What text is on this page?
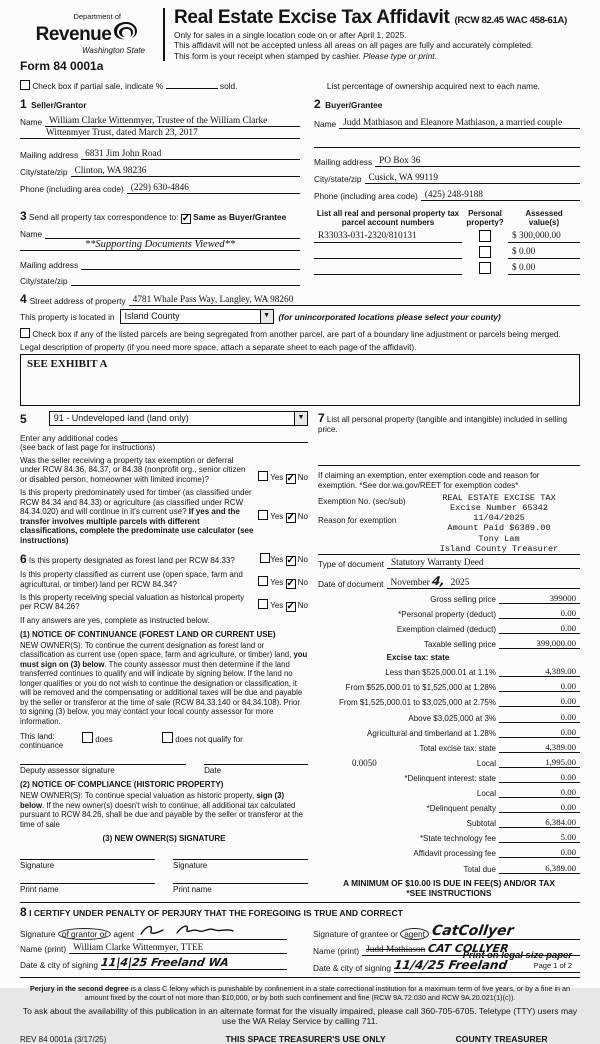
Department of
Revenue
Washington State
Form 84 0001a
Real Estate Excise Tax Affidavit (RCW 82.45 WAC 458-61A)
Only for sales in a single location code on or after April 1, 2025.
This affidavit will not be accepted unless all areas on all pages are fully and accurately completed.
This form is your receipt when stamped by cashier. Please type or print.
Check box if partial sale, indicate %	sold.	List percentage of ownership acquired next to each name.
1 Seller/Grantor
Name William Clarke Wittenmyer, Trustee of the William Clarke
Wittenmyer Trust, dated March 23, 2017
Mailing address 6831 Jim John Road
City/state/zip Clinton, WA 98236
Phone (including area code) (229) 630-4846
2 Buyer/Grantee
Name Judd Mathiason and Eleanore Mathiason, a married couple
Mailing address PO Box 36
City/state/zip Cusick, WA 99119
Phone (including area code) (425) 248-9188
3 Send all property tax correspondence to: ✓ Same as Buyer/Grantee
Name
**Supporting Documents Viewed**
Mailing address
City/state/zip
List all real and personal property tax
parcel account numbers
Personal
property?
Assessed
value(s)
R33033-031-2320/810131	$ 300,000.00
$ 0.00
$ 0.00
4 Street address of property 4781 Whale Pass Way, Langley, WA 98260
This property is located in	Island County	▼	(for unincorporated locations please select your county)
Check box if any of the listed parcels are being segregated from another parcel, are part of a boundary line adjustment or parcels being merged.
Legal description of property (if you need more space, attach a separate sheet to each page of the affidavit).
SEE EXHIBIT A
5	91 - Undeveloped land (land only)	▼
Enter any additional codes
(see back of last page for instructions)
Was the seller receiving a property tax exemption or deferral under RCW 84.36, 84.37, or 84.38 (nonprofit org., senior citizen or disabled person, homeowner with limited income)?	Yes ✓ No
Is this property predominately used for timber (as classified under RCW 84.34 and 84.33) or agriculture (as classified under RCW 84.34.020) and will continue in it's current use? If yes and the transfer involves multiple parcels with different classifications, complete the predominate use calculator (see instructions)
Yes ✓ No
6 Is this property designated as forest land per RCW 84.33?	Yes ✓ No
Is this property classified as current use (open space, farm and agricultural, or timber) land per RCW 84.34?	Yes ✓ No
Is this property receiving special valuation as historical property per RCW 84.26?	Yes ✓ No
If any answers are yes, complete as instructed below.
(1) NOTICE OF CONTINUANCE (FOREST LAND OR CURRENT USE)
NEW OWNER(S): To continue the current designation as forest land or classification as current use (open space, farm and agriculture, or timber) land, you must sign on (3) below. The county assessor must then determine if the land transferred continues to qualify and will indicate by signing below. If the land no longer qualifies or you do not wish to continue the designation or classification, it will be removed and the compensating or additional taxes will be due and payable by the seller or transferor at the time of sale (RCW 84.33.140 or 84.34.108). Prior to signing (3) below, you may contact your local county assessor for more information.
This land:
continuance
does	does not qualify for
Deputy assessor signature	Date
(2) NOTICE OF COMPLIANCE (HISTORIC PROPERTY)
NEW OWNER(S): To continue special valuation as historic property, sign (3) below. If the new owner(s) doesn't wish to continue, all additional tax calculated pursuant to RCW 84.26, shall be due and payable by the seller or transferor at the time of sale
(3) NEW OWNER(S) SIGNATURE
Signature	Signature
Print name	Print name
7 List all personal property (tangible and intangible) included in selling price.
If claiming an exemption, enter exemption code and reason for exemption. *See dor.wa.gov/REET for exemption codes*
Exemption No. (sec/sub)
Reason for exemption
REAL ESTATE EXCISE TAX
Excise Number 65342
11/04/2025
Amount Paid $6389.00
Tony Lam
Island County Treasurer
Type of document Statutory Warranty Deed
Date of document November4, 2025
Gross selling price	399000
*Personal property (deduct)	0.00
Exemption claimed (deduct)	0.00
Taxable selling price	399,000.00
Excise tax: state
Less than $525,000.01 at 1.1%	4,389.00
From $525,000.01 to $1,525,000 at 1.28%	0.00
From $1,525,000.01 to $3,025,000 at 2.75%	0.00
Above $3,025,000 at 3%	0.00
Agricultural and timberland at 1.28%	0.00
Total excise tax: state	4,389.00
0.0050	Local	1,995.00
*Delinquent interest: state	0.00
Local	0.00
*Delinquent penalty	0.00
Subtotal	6,384.00
*State technology fee	5.00
Affidavit processing fee	0.00
Total due	6,389.00
A MINIMUM OF $10.00 IS DUE IN FEE(S) AND/OR TAX
*SEE INSTRUCTIONS
8 I CERTIFY UNDER PENALTY OF PERJURY THAT THE FOREGOING IS TRUE AND CORRECT
Signature of grantor or agent
Name (print) William Clarke Wittenmyer, TTEE
Date & city of signing 11|4|25 Freeland WA
Signature of grantee or agent CatCollyer
Name (print) Judd Mathiason CAT COLLYER
Date & city of signing 11/4/25 Freeland
Perjury in the second degree is a class C felony which is punishable by confinement in a state correctional institution for a maximum term of five years, or by a fine in an amount fixed by the court of not more than $10,000, or by both such confinement and fine (RCW 9A.72.030 and RCW 9A.20.021(1)(c)).
To ask about the availability of this publication in an alternate format for the visually impaired, please call 360-705-6705. Teletype (TTY) users may use the WA Relay Service by calling 711.
REV 84 0001a (3/17/25)	THIS SPACE TREASURER'S USE ONLY	COUNTY TREASURER
Print on legal size paper
Page 1 of 2
